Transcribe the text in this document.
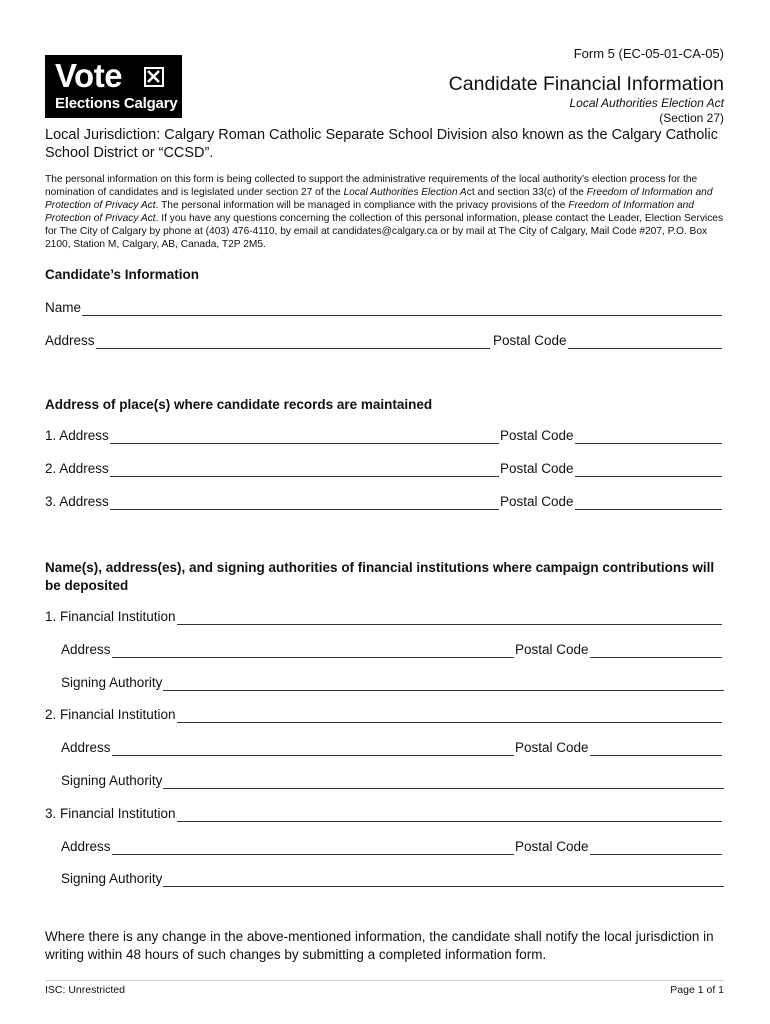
Form 5 (EC-05-01-CA-05)
Vote
Elections Calgary
Candidate Financial Information
Local Authorities Election Act
(Section 27)
Local Jurisdiction: Calgary Roman Catholic Separate School Division also known as the Calgary Catholic School District or “CCSD”.
The personal information on this form is being collected to support the administrative requirements of the local authority’s election process for the nomination of candidates and is legislated under section 27 of the Local Authorities Election Act and section 33(c) of the Freedom of Information and Protection of Privacy Act. The personal information will be managed in compliance with the privacy provisions of the Freedom of Information and Protection of Privacy Act. If you have any questions concerning the collection of this personal information, please contact the Leader, Election Services for The City of Calgary by phone at (403) 476-4110, by email at candidates@calgary.ca or by mail at The City of Calgary, Mail Code #207, P.O. Box 2100, Station M, Calgary, AB, Canada, T2P 2M5.
Candidate’s Information
Name
Address	Postal Code
Address of place(s) where candidate records are maintained
1. Address	Postal Code
2. Address	Postal Code
3. Address	Postal Code
Name(s), address(es), and signing authorities of financial institutions where campaign contributions will be deposited
1. Financial Institution
Address	Postal Code
Signing Authority
2. Financial Institution
Address	Postal Code
Signing Authority
3. Financial Institution
Address	Postal Code
Signing Authority
Where there is any change in the above-mentioned information, the candidate shall notify the local jurisdiction in writing within 48 hours of such changes by submitting a completed information form.
ISC: Unrestricted	Page 1 of 1
